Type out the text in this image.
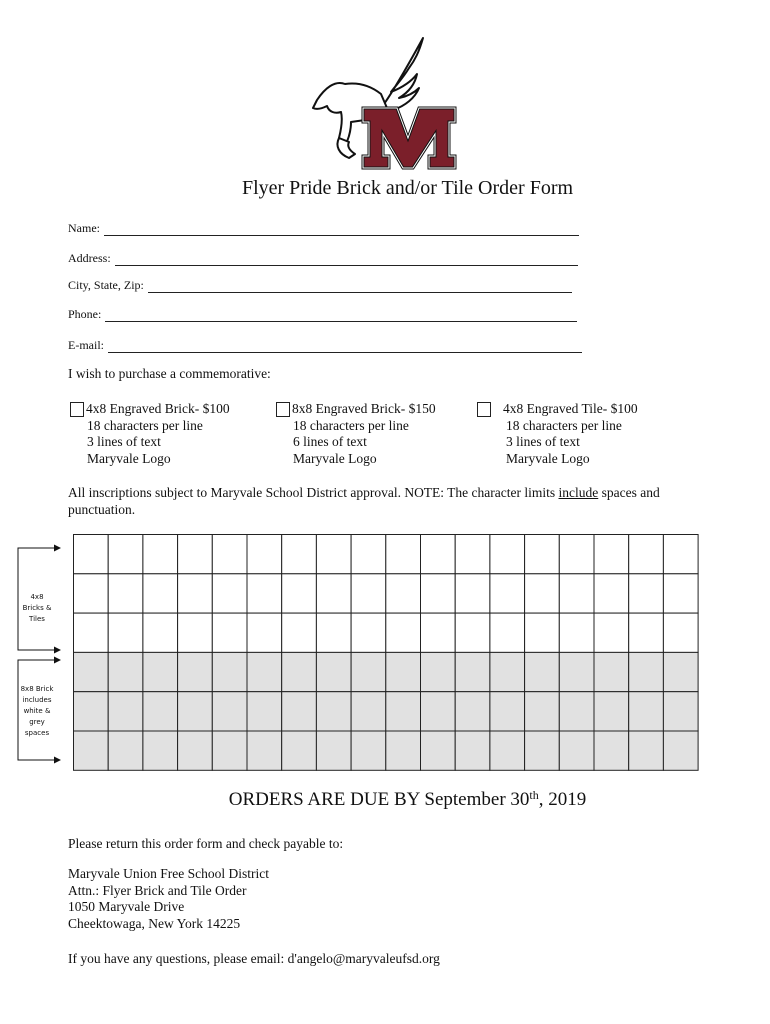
Flyer Pride Brick and/or Tile Order Form
Name:
Address:
City, State, Zip:
Phone:
E-mail:
I wish to purchase a commemorative:
4x8 Engraved Brick- $100
18 characters per line
3 lines of text
Maryvale Logo
8x8 Engraved Brick- $150
18 characters per line
6 lines of text
Maryvale Logo
4x8 Engraved Tile- $100
18 characters per line
3 lines of text
Maryvale Logo
All inscriptions subject to Maryvale School District approval. NOTE: The character limits include spaces and
punctuation.
4x8 Bricks & Tiles
8x8 Brick includes white & grey spaces
ORDERS ARE DUE BY September 30th, 2019
Please return this order form and check payable to:
Maryvale Union Free School District
Attn.: Flyer Brick and Tile Order
1050 Maryvale Drive
Cheektowaga, New York 14225
If you have any questions, please email: d'angelo@maryvaleufsd.org
